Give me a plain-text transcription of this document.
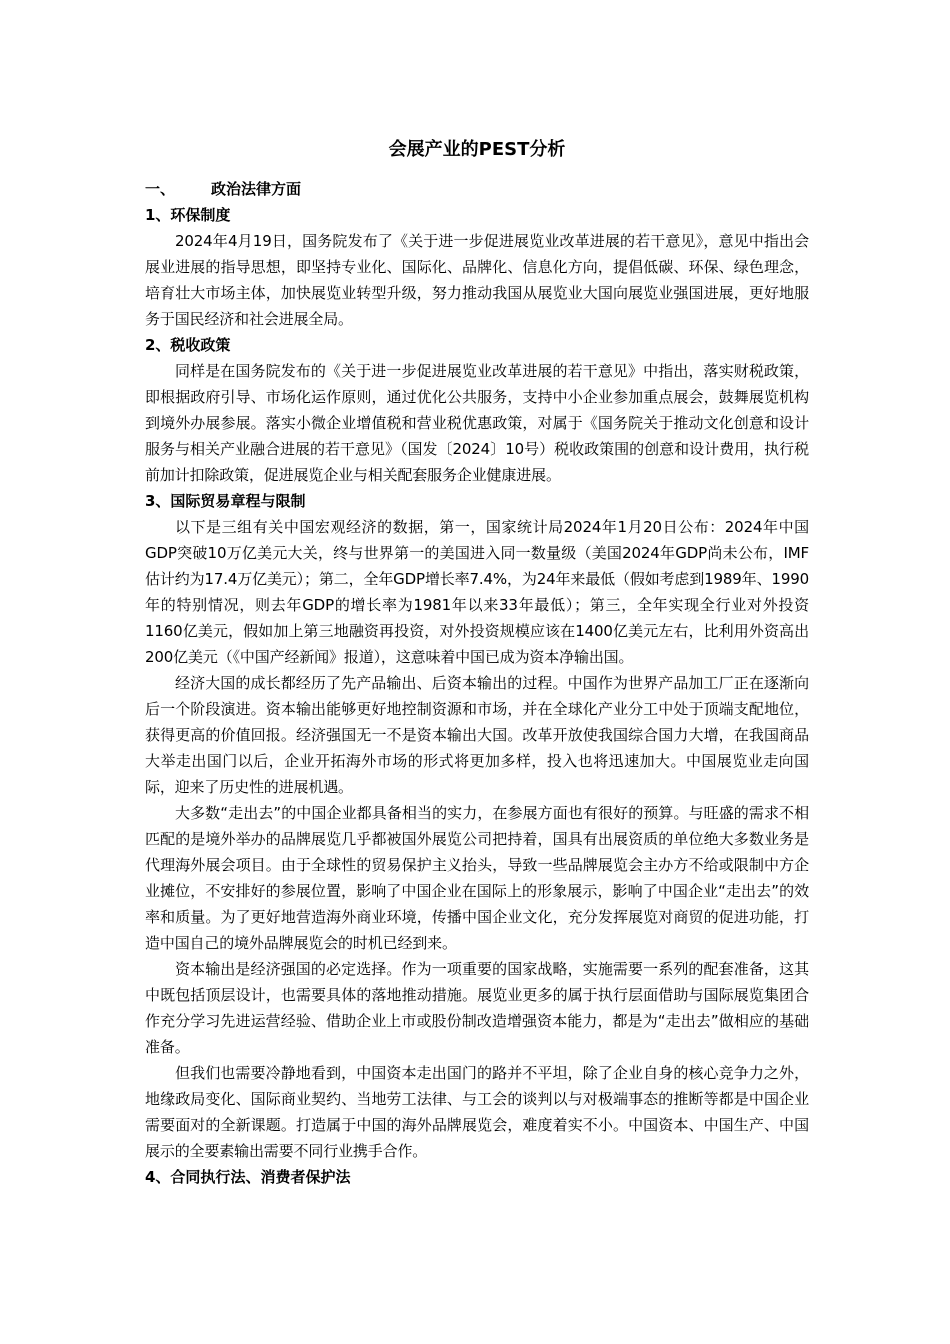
会展产业的PEST分析

一、 政治法律方面

1、环保制度

2024年4月19日，国务院发布了《关于进一步促进展览业改革进展的若干意见》，意见中指出会展业进展的指导思想，即坚持专业化、国际化、品牌化、信息化方向，提倡低碳、环保、绿色理念，培育壮大市场主体，加快展览业转型升级，努力推动我国从展览业大国向展览业强国进展，更好地服务于国民经济和社会进展全局。

2、税收政策

同样是在国务院发布的《关于进一步促进展览业改革进展的若干意见》中指出，落实财税政策，即根据政府引导、市场化运作原则，通过优化公共服务，支持中小企业参加重点展会，鼓舞展览机构到境外办展参展。落实小微企业增值税和营业税优惠政策，对属于《国务院关于推动文化创意和设计服务与相关产业融合进展的若干意见》（国发〔2024〕10号）税收政策围的创意和设计费用，执行税前加计扣除政策，促进展览企业与相关配套服务企业健康进展。

3、国际贸易章程与限制

以下是三组有关中国宏观经济的数据，第一，国家统计局2024年1月20日公布：2024年中国GDP突破10万亿美元大关，终与世界第一的美国进入同一数量级（美国2024年GDP尚未公布，IMF估计约为17.4万亿美元）；第二，全年GDP增长率7.4%，为24年来最低（假如考虑到1989年、1990年的特别情况，则去年GDP的增长率为1981年以来33年最低）；第三，全年实现全行业对外投资1160亿美元，假如加上第三地融资再投资，对外投资规模应该在1400亿美元左右，比利用外资高出200亿美元（《中国产经新闻》报道），这意味着中国已成为资本净输出国。

经济大国的成长都经历了先产品输出、后资本输出的过程。中国作为世界产品加工厂正在逐渐向后一个阶段演进。资本输出能够更好地控制资源和市场，并在全球化产业分工中处于顶端支配地位，获得更高的价值回报。经济强国无一不是资本输出大国。改革开放使我国综合国力大增，在我国商品大举走出国门以后，企业开拓海外市场的形式将更加多样，投入也将迅速加大。中国展览业走向国际，迎来了历史性的进展机遇。

大多数“走出去”的中国企业都具备相当的实力，在参展方面也有很好的预算。与旺盛的需求不相匹配的是境外举办的品牌展览几乎都被国外展览公司把持着，国具有出展资质的单位绝大多数业务是代理海外展会项目。由于全球性的贸易保护主义抬头，导致一些品牌展览会主办方不给或限制中方企业摊位，不安排好的参展位置，影响了中国企业在国际上的形象展示，影响了中国企业“走出去”的效率和质量。为了更好地营造海外商业环境，传播中国企业文化，充分发挥展览对商贸的促进功能，打造中国自己的境外品牌展览会的时机已经到来。

资本输出是经济强国的必定选择。作为一项重要的国家战略，实施需要一系列的配套准备，这其中既包括顶层设计，也需要具体的落地推动措施。展览业更多的属于执行层面借助与国际展览集团合作充分学习先进运营经验、借助企业上市或股份制改造增强资本能力，都是为“走出去”做相应的基础准备。

但我们也需要冷静地看到，中国资本走出国门的路并不平坦，除了企业自身的核心竞争力之外，地缘政局变化、国际商业契约、当地劳工法律、与工会的谈判以与对极端事态的推断等都是中国企业需要面对的全新课题。打造属于中国的海外品牌展览会，难度着实不小。中国资本、中国生产、中国展示的全要素输出需要不同行业携手合作。

4、合同执行法、消费者保护法
